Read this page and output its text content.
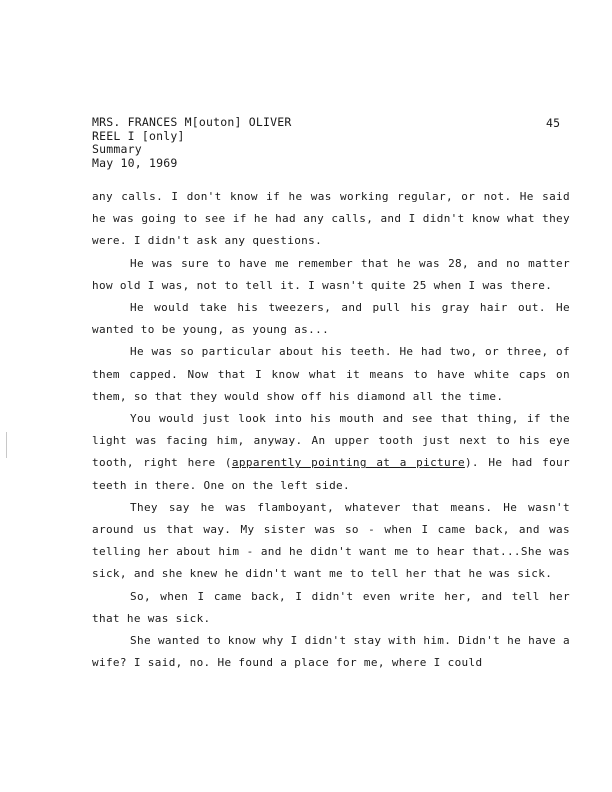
MRS. FRANCES M[outon] OLIVER
REEL I [only]
Summary
May 10, 1969
45

any calls. I don't know if he was working regular, or not. He said he was going to see if he had any calls, and I didn't know what they were. I didn't ask any questions.

He was sure to have me remember that he was 28, and no matter how old I was, not to tell it. I wasn't quite 25 when I was there.

He would take his tweezers, and pull his gray hair out. He wanted to be young, as young as...

He was so particular about his teeth. He had two, or three, of them capped. Now that I know what it means to have white caps on them, so that they would show off his diamond all the time.

You would just look into his mouth and see that thing, if the light was facing him, anyway. An upper tooth just next to his eye tooth, right here (apparently pointing at a picture). He had four teeth in there. One on the left side.

They say he was flamboyant, whatever that means. He wasn't around us that way. My sister was so - when I came back, and was telling her about him - and he didn't want me to hear that...She was sick, and she knew he didn't want me to tell her that he was sick.

So, when I came back, I didn't even write her, and tell her that he was sick.

She wanted to know why I didn't stay with him. Didn't he have a wife? I said, no. He found a place for me, where I could
